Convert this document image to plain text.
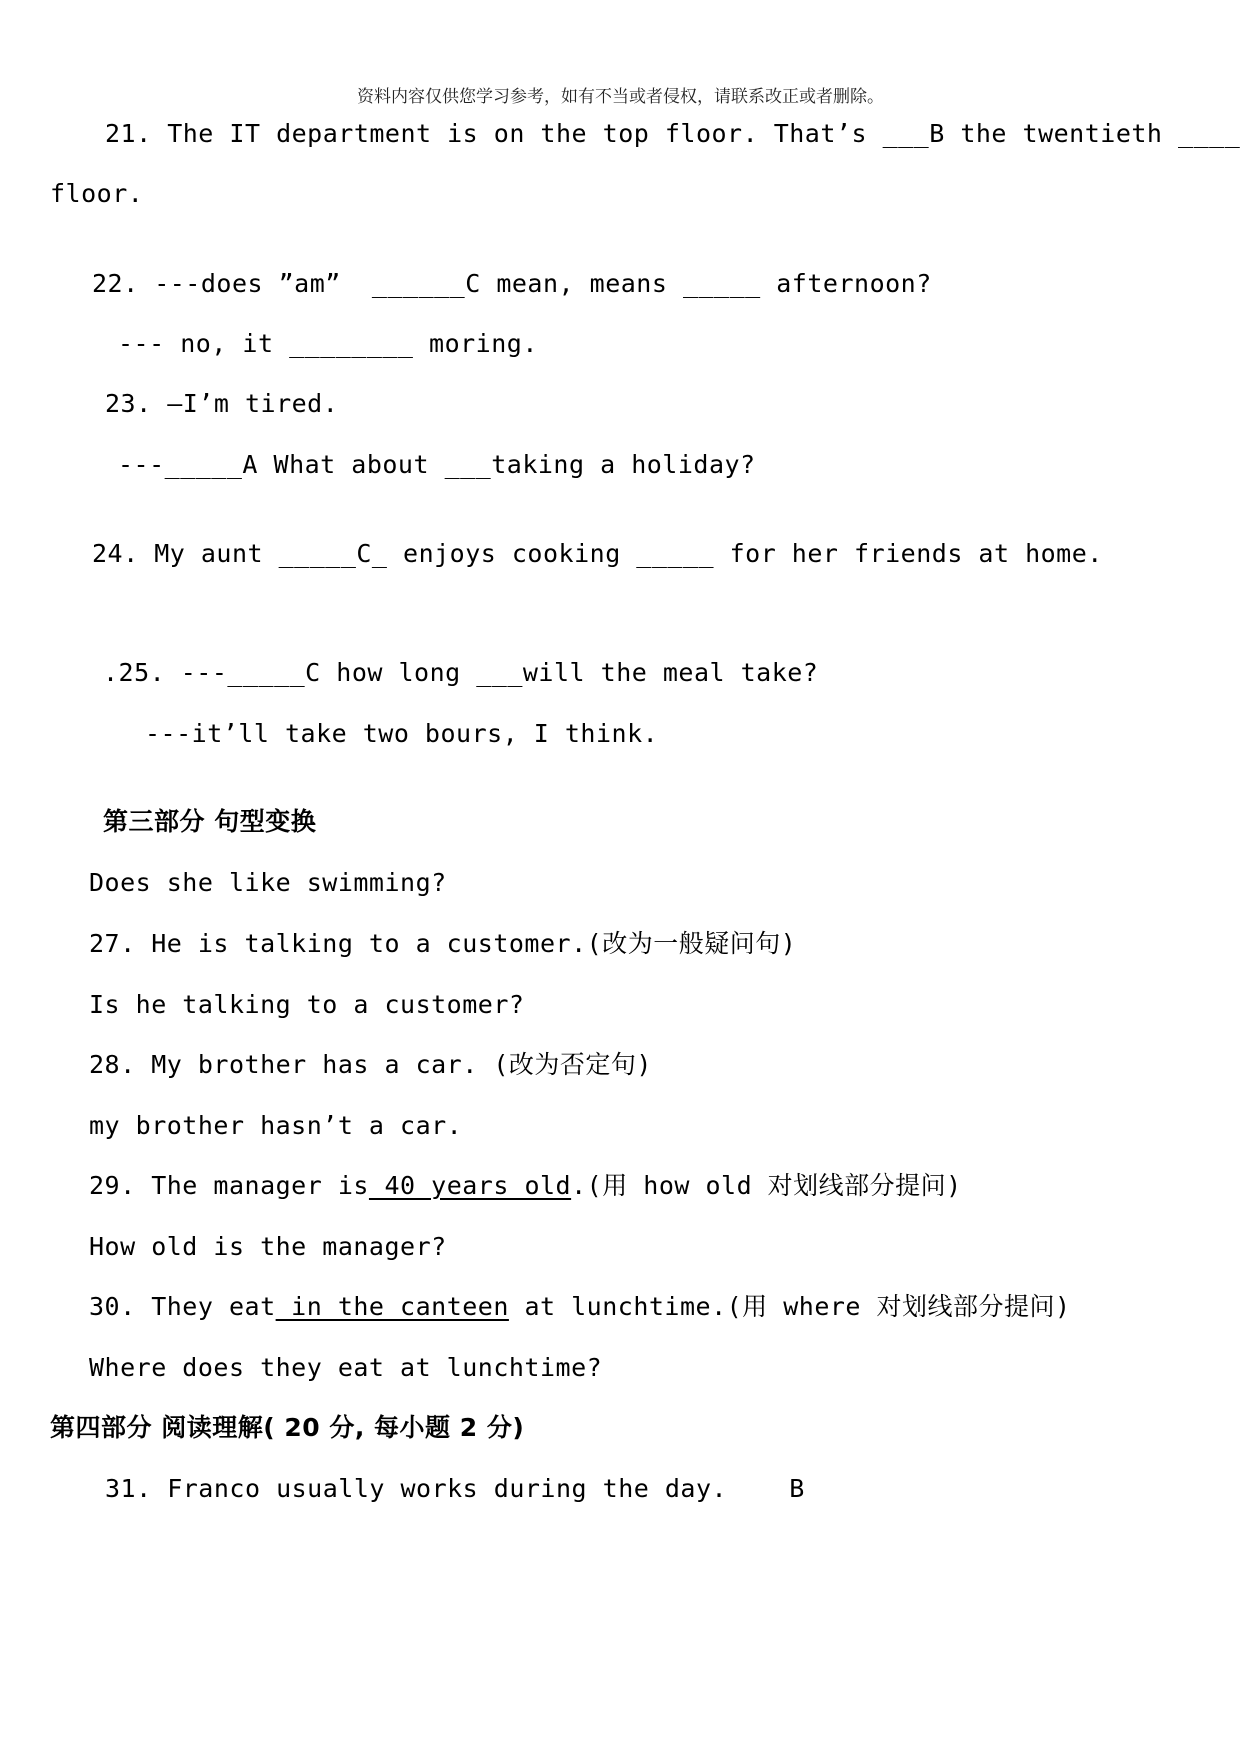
资料内容仅供您学习参考，如有不当或者侵权，请联系改正或者删除。
21. The IT department is on the top floor. That’s ___B the twentieth ____
floor.
22. ---does ”am”  ______C mean, means _____ afternoon?
--- no, it ________ moring.
23. –I’m tired.
---_____A What about ___taking a holiday?
24. My aunt _____C_ enjoys cooking _____ for her friends at home.
.25. ---_____C how long ___will the meal take?
---it’ll take two bours, I think.
第三部分 句型变换
Does she like swimming?
27. He is talking to a customer.(改为一般疑问句)
Is he talking to a customer?
28. My brother has a car. (改为否定句)
my brother hasn’t a car.
29. The manager is 40 years old.(用 how old 对划线部分提问)
How old is the manager?
30. They eat in the canteen at lunchtime.(用 where 对划线部分提问)
Where does they eat at lunchtime?
第四部分 阅读理解( 20 分, 每小题 2 分)
31. Franco usually works during the day.    B
